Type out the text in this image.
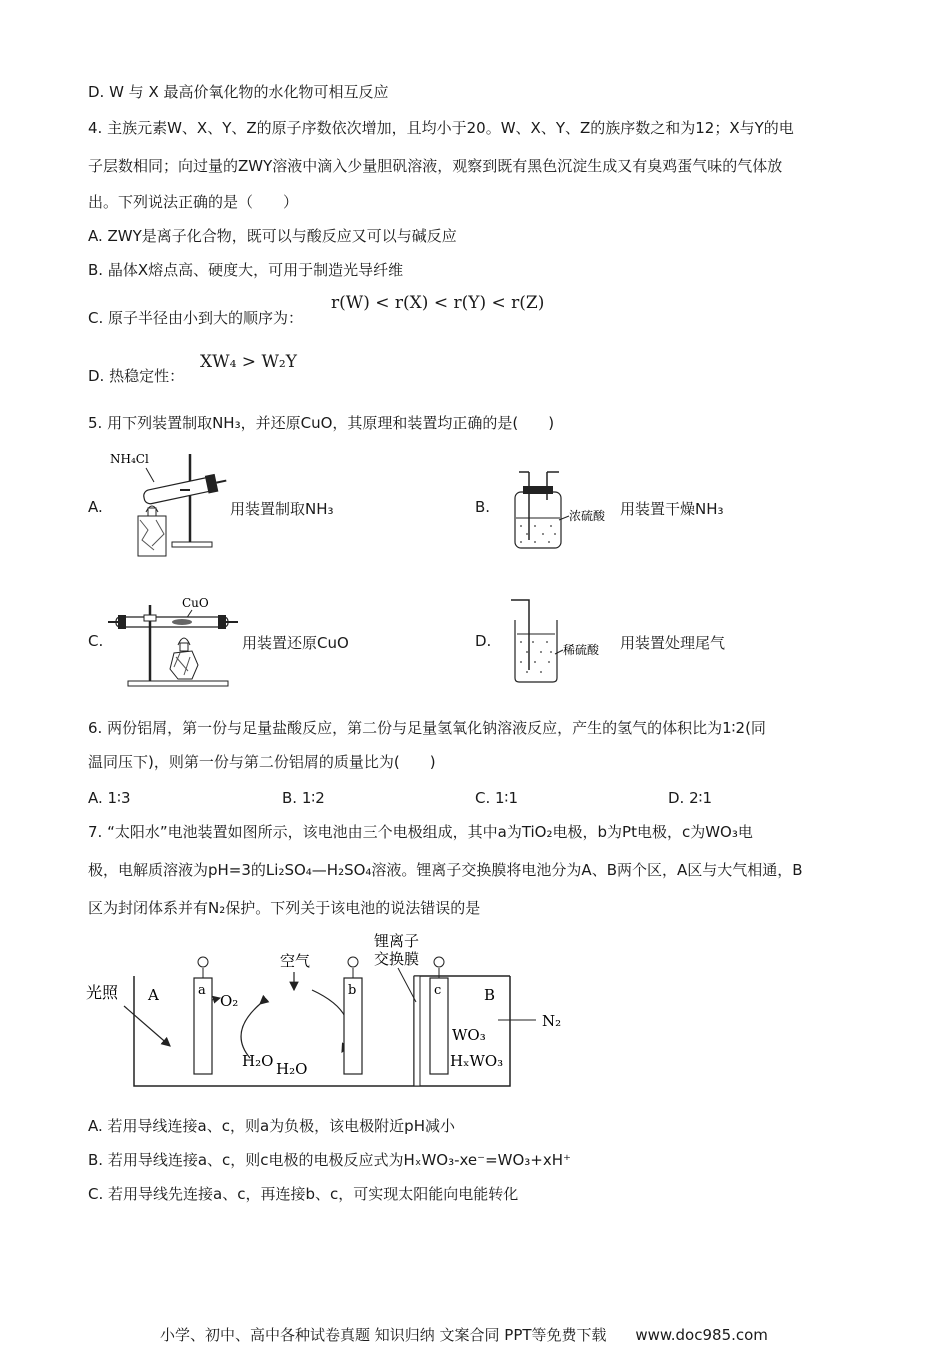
D. W 与 X 最高价氧化物的水化物可相互反应
4. 主族元素W、X、Y、Z的原子序数依次增加，且均小于20。W、X、Y、Z的族序数之和为12；X与Y的电
子层数相同；向过量的ZWY溶液中滴入少量胆矾溶液，观察到既有黑色沉淀生成又有臭鸡蛋气味的气体放
出。下列说法正确的是（　　）
A. ZWY是离子化合物，既可以与酸反应又可以与碱反应
B. 晶体X熔点高、硬度大，可用于制造光导纤维
C. 原子半径由小到大的顺序为：
r(W) < r(X) < r(Y) < r(Z)
D. 热稳定性：
XW₄ > W₂Y
5. 用下列装置制取NH₃，并还原CuO，其原理和装置均正确的是(　　)
NH₄Cl
A.	用装置制取NH₃	浓硫酸
B.	用装置干燥NH₃
CuO
C.	用装置还原CuO	稀硫酸
D.	用装置处理尾气
6. 两份铝屑，第一份与足量盐酸反应，第二份与足量氢氧化钠溶液反应，产生的氢气的体积比为1∶2(同
温同压下)，则第一份与第二份铝屑的质量比为(　　)
A. 1∶3	B. 1∶2	C. 1∶1	D. 2∶1
7. “太阳水”电池装置如图所示，该电池由三个电极组成，其中a为TiO₂电极，b为Pt电极，c为WO₃电
极，电解质溶液为pH=3的Li₂SO₄—H₂SO₄溶液。锂离子交换膜将电池分为A、B两个区，A区与大气相通，B
区为封闭体系并有N₂保护。下列关于该电池的说法错误的是
光照 A	a
O₂
H₂O
空气
H₂O
b
锂离子
交换膜
c	B
WO₃
HₓWO₃
N₂
A. 若用导线连接a、c，则a为负极，该电极附近pH减小
B. 若用导线连接a、c，则c电极的电极反应式为HₓWO₃-xe⁻=WO₃+xH⁺
C. 若用导线先连接a、c，再连接b、c，可实现太阳能向电能转化
小学、初中、高中各种试卷真题 知识归纳 文案合同 PPT等免费下载 www.doc985.com
